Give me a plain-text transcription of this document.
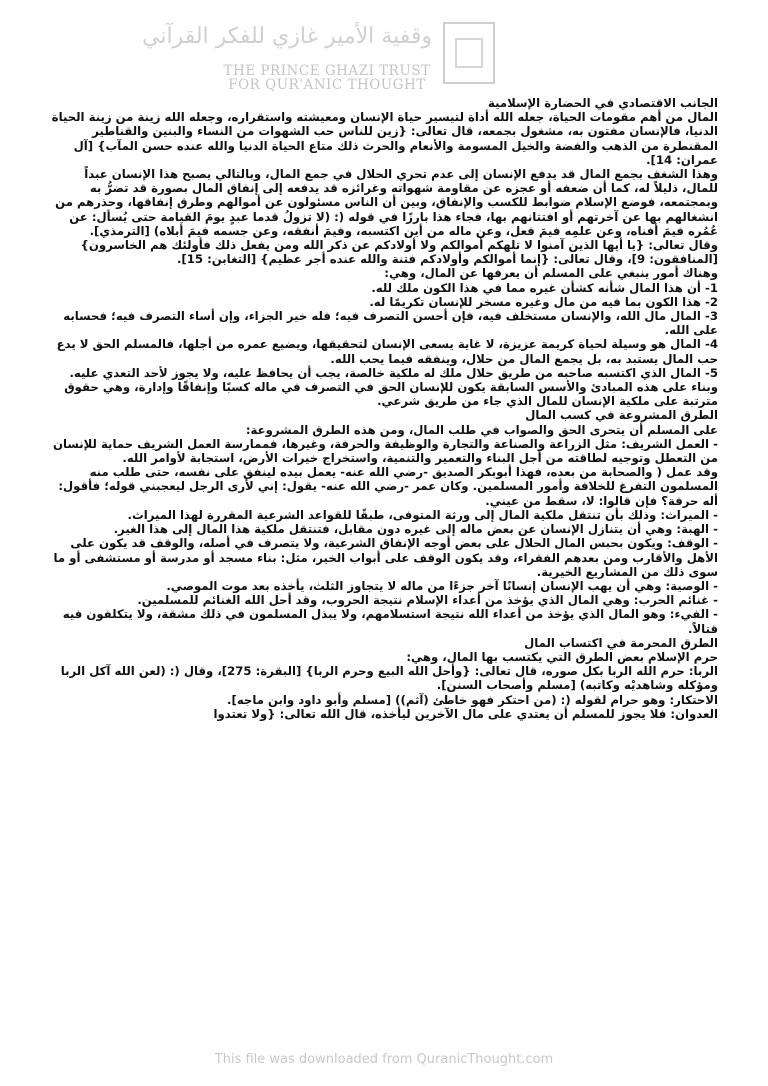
وقفية الأمير غازي للفكر القرآني
THE PRINCE GHAZI TRUST
FOR QUR'ANIC THOUGHT

الجانب الاقتصادي في الحضارة الإسلامية

المال من أهم مقومات الحياة، جعله الله أداة لتيسير حياة الإنسان ومعيشته واستقراره، وجعله الله زينة من زينة الحياة الدنيا، فالإنسان مفتون به، مشغول بجمعه، قال تعالى: {زين للناس حب الشهوات من النساء والبنين والقناطير المقنطرة من الذهب والفضة والخيل المسومة والأنعام والحرث ذلك متاع الحياة الدنيا والله عنده حسن المآب} [آل عمران: 14].

وهذا الشغف بجمع المال قد يدفع الإنسان إلى عدم تحري الحلال في جمع المال، وبالتالي يصبح هذا الإنسان عبداً للمال، ذليلاً له، كما أن ضعفه أو عجزه عن مقاومة شهواته وغرائزه قد يدفعه إلى إنفاق المال بصورة قد تضرُّ به وبمجتمعه، فوضع الإسلام ضوابط للكسب والإنفاق، وبين أن الناس مسئولون عن أموالهم وطرق إنفاقها، وحذرهم من انشغالهم بها عن آخرتهم أو افتتانهم بها، فجاء هذا بارزًا في قوله (: (لا تزولُ قدما عبدٍ يومَ القيامة حتى يُسأل: عن عُمُره فيمَ أفناه، وعن علمِه فيمَ فعل، وعن ماله من أين اكتسبه، وفيمَ أنفقه، وعن جسمه فيمَ أبلاه) [الترمذي].

وقال تعالى: {يا أيها الذين آمنوا لا تلهكم أموالكم ولا أولادكم عن ذكر الله ومن يفعل ذلك فأولئك هم الخاسرون} [المنافقون: 9]، وقال تعالى: {إنما أموالكم وأولادكم فتنة والله عنده أجر عظيم} [التغابن: 15].

وهناك أمور ينبغي على المسلم أن يعرفها عن المال، وهي:

1- أن هذا المال شأنه كشأن غيره مما في هذا الكون ملك لله.

2- هذا الكون بما فيه من مال وغيره مسخر للإنسان تكريمًا له.

3- المال مال الله، والإنسان مستخلف فيه، فإن أحسن التصرف فيه؛ فله خير الجزاء، وإن أساء التصرف فيه؛ فحسابه على الله.

4- المال هو وسيلة لحياة كريمة عزيزة، لا غاية يسعى الإنسان لتحقيقها، ويضيع عمره من أجلها، فالمسلم الحق لا يدع حب المال يستبد به، بل يجمع المال من حلال، وينفقه فيما يحب الله.

5- المال الذي اكتسبه صاحبه من طريق حلال ملك له ملكية خالصة، يجب أن يحافظ عليه، ولا يجوز لأحد التعدي عليه.

وبناء على هذه المبادئ والأسس السابقة يكون للإنسان الحق في التصرف في ماله كسبًا وإنفاقًا وإدارة، وهي حقوق مترتبة على ملكية الإنسان للمال الذي جاء من طريق شرعي.

الطرق المشروعة في كسب المال

على المسلم أن يتحرى الحق والصواب في طلب المال، ومن هذه الطرق المشروعة:

- العمل الشريف: مثل الزراعة والصناعة والتجارة والوظيفة والحرفة، وغيرها، فممارسة العمل الشريف حماية للإنسان من التعطل وتوجيه لطاقته من أجل البناء والتعمير والتنمية، واستخراج خيرات الأرض، استجابة لأوامر الله.

وقد عمل ( والصحابة من بعده، فهذا أبوبكر الصديق -رضي الله عنه- يعمل بيده لينفق على نفسه، حتى طلب منه المسلمون التفرغ للخلافة وأمور المسلمين. وكان عمر -رضي الله عنه- يقول: إني لأرى الرجل ليعجبني قوله؛ فأقول: أله حرفة؟ فإن قالوا: لا، سقط من عيني.

- الميراث: وذلك بأن تنتقل ملكية المال إلى ورثة المتوفى، طبقًا للقواعد الشرعية المقررة لهذا الميراث.

- الهبة: وهي أن يتنازل الإنسان عن بعض ماله إلى غيره دون مقابل، فتنتقل ملكية هذا المال إلى هذا الغير.

- الوقف: ويكون بحبس المال الحلال على بعض أوجه الإنفاق الشرعية، ولا يتصرف في أصله، والوقف قد يكون على الأهل والأقارب ومن بعدهم الفقراء، وقد يكون الوقف على أبواب الخير، مثل: بناء مسجد أو مدرسة أو مستشفى أو ما سوى ذلك من المشاريع الخيرية.

- الوصية: وهي أن يهب الإنسان إنسانًا آخر جزءًا من ماله لا يتجاوز الثلث، يأخذه بعد موت الموصي.

- غنائم الحرب: وهي المال الذي يؤخذ من أعداء الإسلام نتيجة الحروب، وقد أحل الله الغنائم للمسلمين.

- الفيء: وهو المال الذي يؤخذ من أعداء الله نتيجة استسلامهم، ولا يبذل المسلمون في ذلك مشقة، ولا يتكلفون فيه قتالاً.

الطرق المحرمة في اكتساب المال

حرم الإسلام بعض الطرق التي يكتسب بها المال، وهي:

الربا: حرم الله الربا بكل صوره، قال تعالى: {وأحل الله البيع وحرم الربا} [البقرة: 275]، وقال (: (لعن الله آكل الربا ومؤكله وشاهديْه وكاتبه) [مسلم وأصحاب السنن].

الاحتكار: وهو حرام لقوله (: (من احتكر فهو خاطئ (آثم)) [مسلم وأبو داود وابن ماجه].

العدوان: فلا يجوز للمسلم أن يعتدي على مال الآخرين ليأخذه، قال الله تعالى: {ولا تعتدوا

This file was downloaded from QuranicThought.com
